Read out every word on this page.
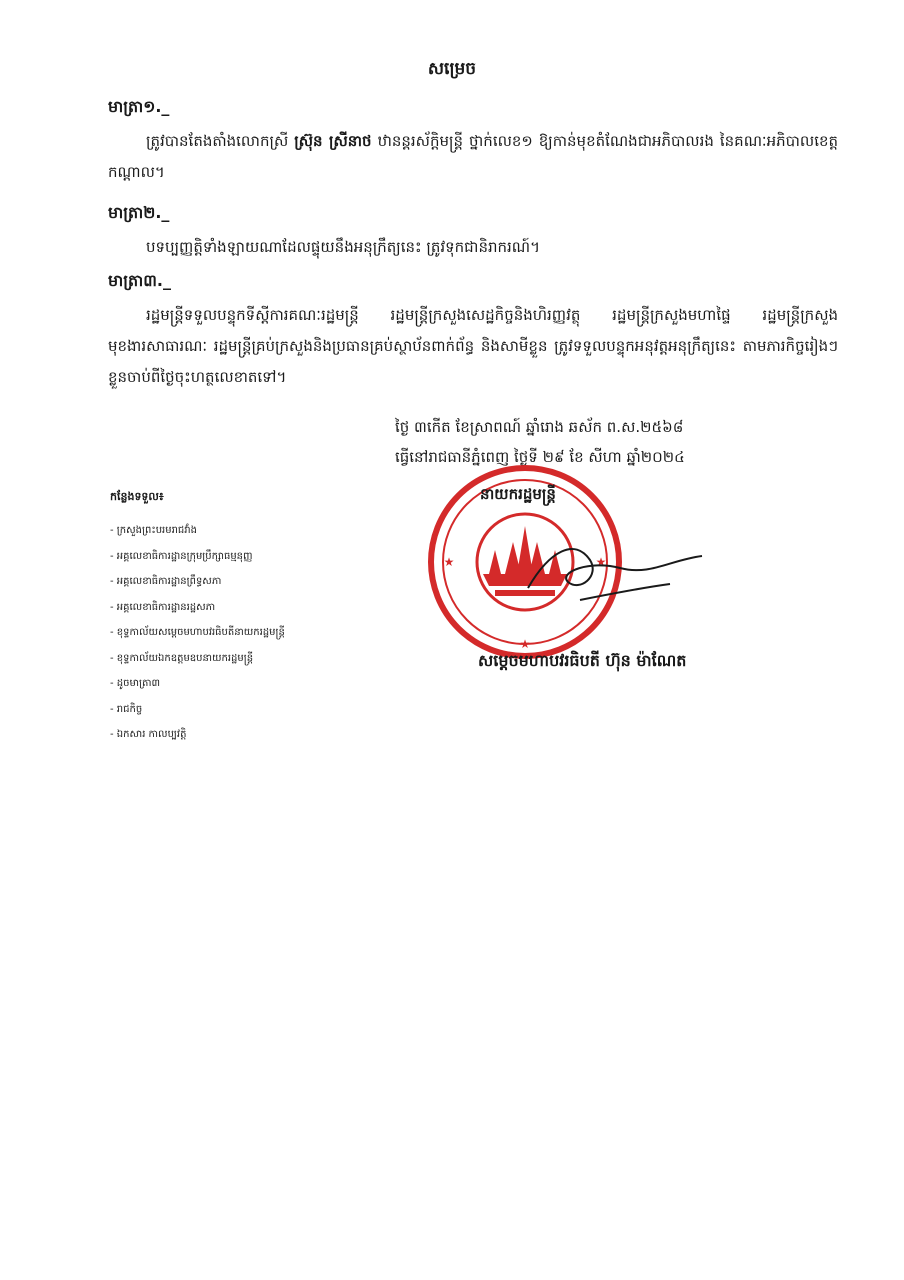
សម្រេច
មាត្រា១._
ត្រូវបានតែងតាំងលោកស្រី ស្រ៊ុន ស្រីនាថ ឋានន្តរស័ក្តិមន្ត្រី ថ្នាក់លេខ១ ឱ្យកាន់មុខតំណែងជាអភិបាលរង នៃគណៈអភិបាលខេត្តកណ្ដាល។
មាត្រា២._
បទប្បញ្ញត្តិទាំងឡាយណាដែលផ្ទុយនឹងអនុក្រឹត្យនេះ ត្រូវទុកជានិរាករណ៍។
មាត្រា៣._
រដ្ឋមន្ត្រីទទួលបន្ទុកទីស្តីការគណៈរដ្ឋមន្ត្រី រដ្ឋមន្ត្រីក្រសួងសេដ្ឋកិច្ចនិងហិរញ្ញវត្ថុ រដ្ឋមន្ត្រីក្រសួងមហាផ្ទៃ រដ្ឋមន្ត្រីក្រសួងមុខងារសាធារណៈ រដ្ឋមន្ត្រីគ្រប់ក្រសួងនិងប្រធានគ្រប់ស្ថាប័នពាក់ព័ន្ធ និងសាមីខ្លួន ត្រូវទទួលបន្ទុកអនុវត្តអនុក្រឹត្យនេះ តាមភារកិច្ចរៀងៗខ្លួនចាប់ពីថ្ងៃចុះហត្ថលេខាតទៅ។
ថ្ងៃ ៣កើត ខែស្រាពណ៍ ឆ្នាំរោង ឆស័ក ព.ស.២៥៦៨
ធ្វើនៅរាជធានីភ្នំពេញ ថ្ងៃទី ២៩ ខែ សីហា ឆ្នាំ២០២៤
កន្លែងទទួល៖
- ក្រសួងព្រះបរមរាជវាំង
- អគ្គលេខាធិការដ្ឋានក្រុមប្រឹក្សាធម្មនុញ្ញ
- អគ្គលេខាធិការដ្ឋានព្រឹទ្ធសភា
- អគ្គលេខាធិការដ្ឋានរដ្ឋសភា
- ខុទ្ទកាល័យសម្តេចមហាបវរធិបតីនាយករដ្ឋមន្ត្រី
- ខុទ្ទកាល័យឯកឧត្តមឧបនាយករដ្ឋមន្ត្រី
- ដូចមាត្រា៣
- រាជកិច្ច
- ឯកសារ កាលប្បវត្តិ
★
★	★
នាយករដ្ឋមន្ត្រី
សម្តេចមហាបវរធិបតី ហ៊ុន ម៉ាណែត
